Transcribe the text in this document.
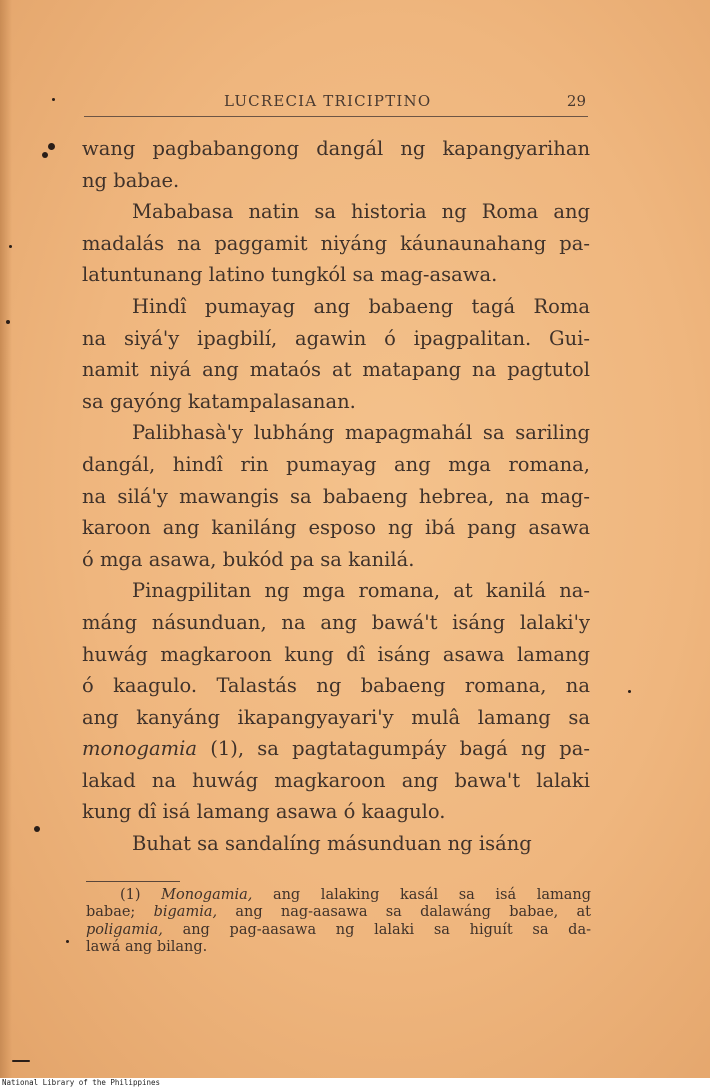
LUCRECIA TRICIPTINO	29
wang pagbabangong dangál ng kapangyarihan
ng babae.
Mababasa natin sa historia ng Roma ang
madalás na paggamit niyáng káunaunahang pa-
latuntunang latino tungkól sa mag-asawa.
Hindî pumayag ang babaeng tagá Roma
na siyá'y ipagbilí, agawin ó ipagpalitan. Gui-
namit niyá ang mataós at matapang na pagtutol
sa gayóng katampalasanan.
Palibhasà'y lubháng mapagmahál sa sariling
dangál, hindî rin pumayag ang mga romana,
na silá'y mawangis sa babaeng hebrea, na mag-
karoon ang kaniláng esposo ng ibá pang asawa
ó mga asawa, bukód pa sa kanilá.
Pinagpilitan ng mga romana, at kanilá na-
máng násunduan, na ang bawá't isáng lalaki'y
huwág magkaroon kung dî isáng asawa lamang
ó kaagulo. Talastás ng babaeng romana, na
ang kanyáng ikapangyayari'y mulâ lamang sa
monogamia (1), sa pagtatagumpáy bagá ng pa-
lakad na huwág magkaroon ang bawa't lalaki
kung dî isá lamang asawa ó kaagulo.
Buhat sa sandalíng másunduan ng isáng
(1) Monogamia, ang lalaking kasál sa isá lamang
babae; bigamia, ang nag-aasawa sa dalawáng babae, at
poligamia, ang pag-aasawa ng lalaki sa higuít sa da-
lawá ang bilang.
National Library of the Philippines
